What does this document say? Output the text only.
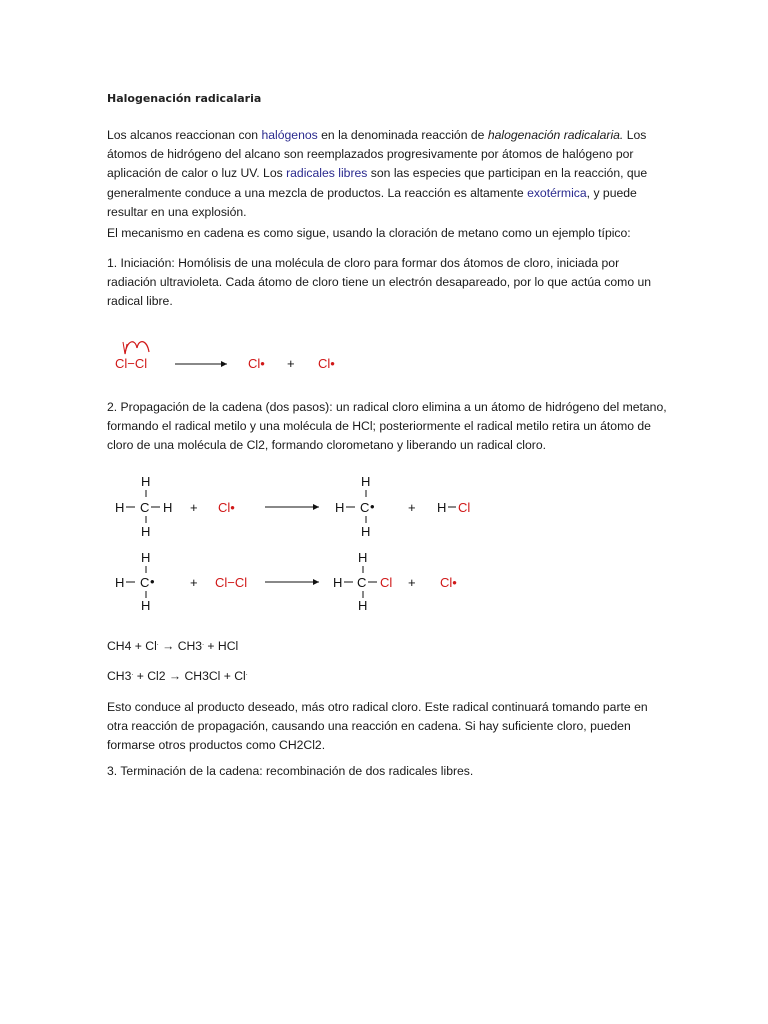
Halogenación radicalaria

Los alcanos reaccionan con halógenos en la denominada reacción de halogenación radicalaria. Los átomos de hidrógeno del alcano son reemplazados progresivamente por átomos de halógeno por aplicación de calor o luz UV. Los radicales libres son las especies que participan en la reacción, que generalmente conduce a una mezcla de productos. La reacción es altamente exotérmica, y puede resultar en una explosión.

El mecanismo en cadena es como sigue, usando la cloración de metano como un ejemplo típico:

1. Iniciación: Homólisis de una molécula de cloro para formar dos átomos de cloro, iniciada por radiación ultravioleta. Cada átomo de cloro tiene un electrón desapareado, por lo que actúa como un radical libre.

Cl−Cl	Cl• + Cl•

2. Propagación de la cadena (dos pasos): un radical cloro elimina a un átomo de hidrógeno del metano, formando el radical metilo y una molécula de HCl; posteriormente el radical metilo retira un átomo de cloro de una molécula de Cl2, formando clorometano y liberando un radical cloro.

H
H C H
H
+ Cl•
H
H C •
H
+ H Cl
H
H C •
H
+ Cl−Cl
H
H C Cl
H
+ Cl•

CH4 + Cl. → CH3. + HCl

CH3. + Cl2 → CH3Cl + Cl.

Esto conduce al producto deseado, más otro radical cloro. Este radical continuará tomando parte en otra reacción de propagación, causando una reacción en cadena. Si hay suficiente cloro, pueden formarse otros productos como CH2Cl2.

3. Terminación de la cadena: recombinación de dos radicales libres.
